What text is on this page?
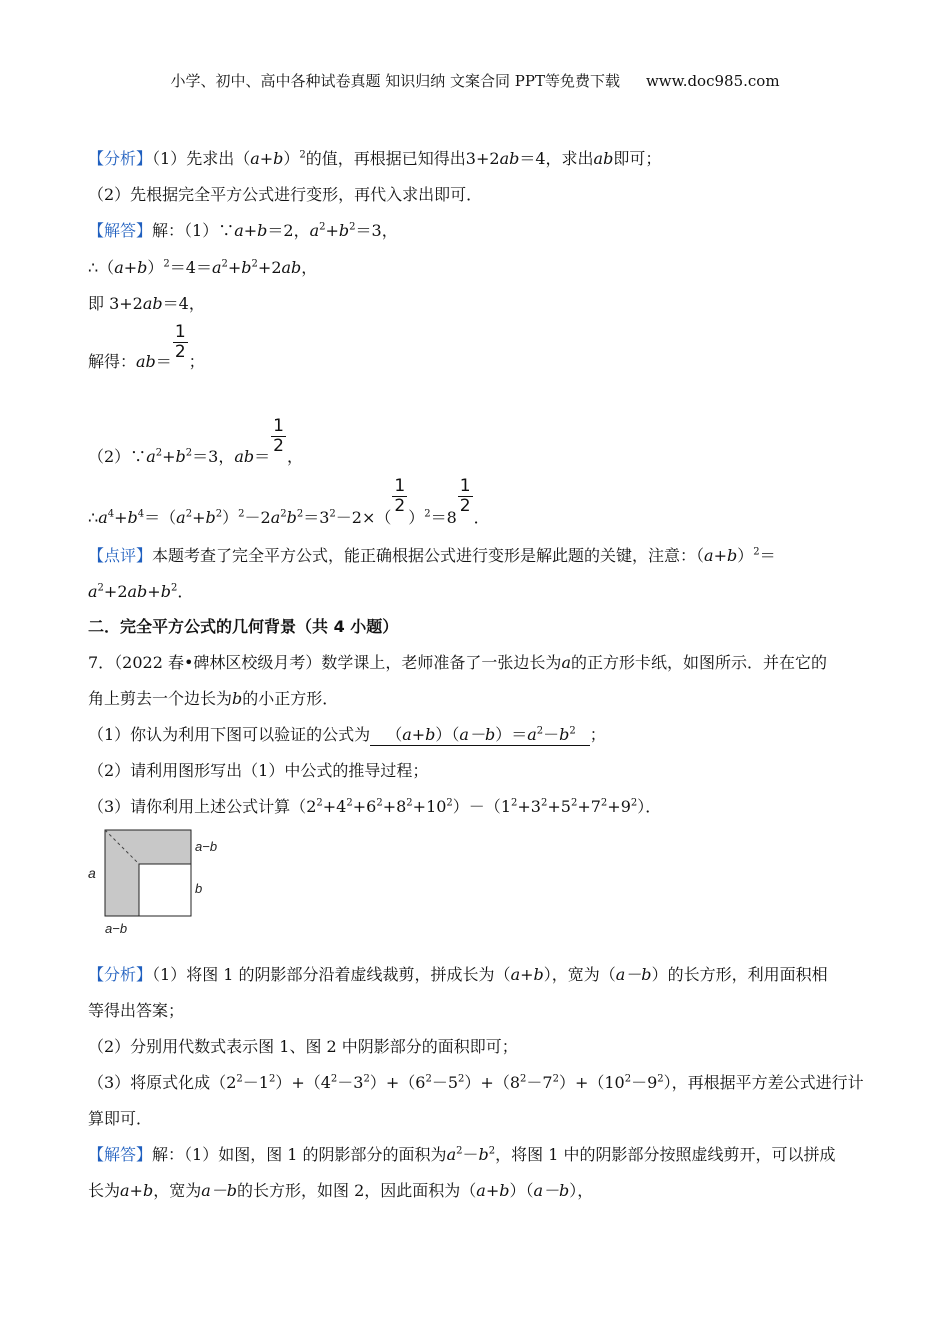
小学、初中、高中各种试卷真题 知识归纳 文案合同 PPT等免费下载 www.doc985.com
【分析】（1）先求出$(a+b)^2$的值，再根据已知得出3+2ab＝4，求出ab即可；
（2）先根据完全平方公式进行变形，再代入求出即可．
【解答】解：（1）∵a+b＝2，$a^2+b^2=3$，
$\therefore(a+b)^2=4=a^2+b^2+2ab$，
即 3+2ab＝4，
解得：ab＝
$\frac{1}{2}$
；
$(2)\because a^2+b^2=3$，ab＝
$\frac{1}{2}$
，
$\therefore a^4+b^4=(a^2+b^2)^2-2a^2b^2=3^2-2\times$（
$\frac{1}{2}$
）$^2$＝8
$\frac{1}{2}$
．
【点评】本题考查了完全平方公式，能正确根据公式进行变形是解此题的关键，注意：$(a+b)^2=$
$a^2+2ab+b^2$．
二．完全平方公式的几何背景（共 4 小题）
7．（2022 春•碑林区校级月考）数学课上，老师准备了一张边长为a的正方形卡纸，如图所示．并在它的
角上剪去一个边长为b的小正方形．
（1）你认为利用下图可以验证的公式为 $(a+b)(a-b)=a^2-b^2$ ；
（2）请利用图形写出（1）中公式的推导过程；
（3）请你利用上述公式计算$(2^2+4^2+6^2+8^2+10^2)-(1^2+3^2+5^2+7^2+9^2)$．
a
a−b
b
a−b
【分析】（1）将图 1 的阴影部分沿着虚线裁剪，拼成长为（a+b），宽为（a－b）的长方形，利用面积相
等得出答案；
（2）分别用代数式表示图 1、图 2 中阴影部分的面积即可；
（3）将原式化成$(2^2-1^2)+(4^2-3^2)+(6^2-5^2)+(8^2-7^2)+(10^2-9^2)$，再根据平方差公式进行计
算即可．
【解答】解：（1）如图，图 1 的阴影部分的面积为$a^2-b^2$，将图 1 中的阴影部分按照虚线剪开，可以拼成
长为a+b，宽为a－b的长方形，如图 2，因此面积为（a+b）（a－b），
